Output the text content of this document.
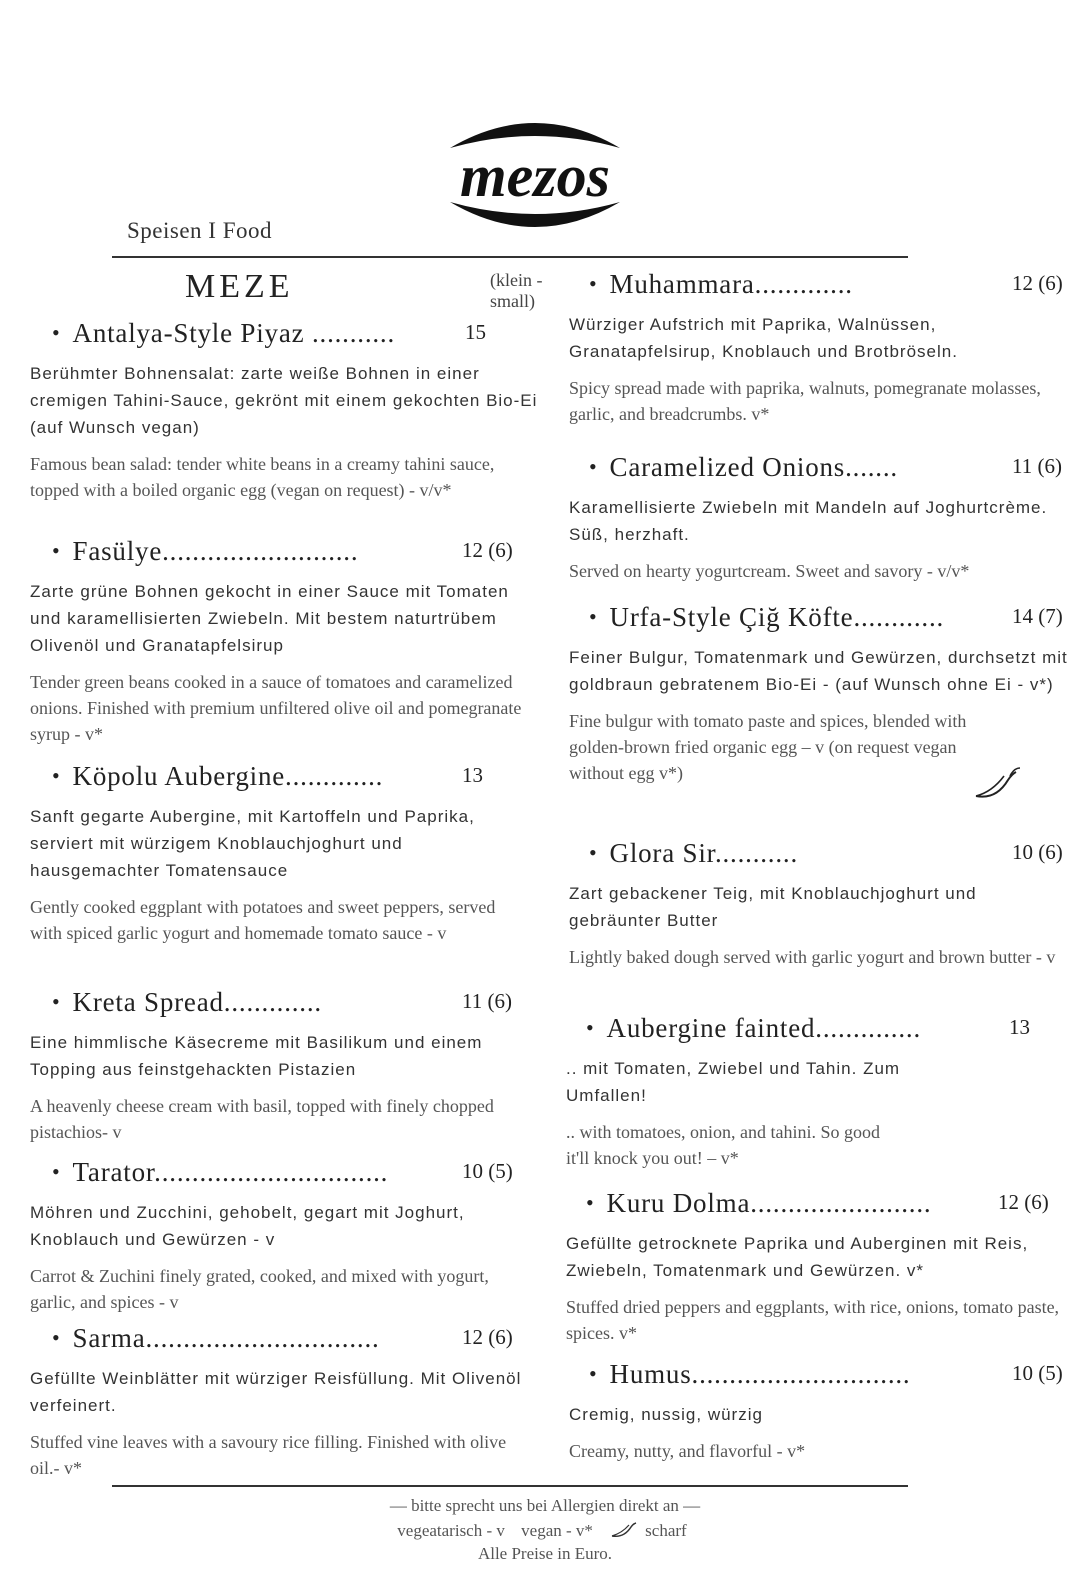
mezos
Speisen I Food
MEZE	(klein -
small)
• Antalya-Style Piyaz ...........	15
Berühmter Bohnensalat: zarte weiße Bohnen in einer cremigen Tahini-Sauce, gekrönt mit einem gekochten Bio-Ei (auf Wunsch vegan)
Famous bean salad: tender white beans in a creamy tahini sauce, topped with a boiled organic egg (vegan on request) - v/v*
• Fasülye..........................	12 (6)
Zarte grüne Bohnen gekocht in einer Sauce mit Tomaten und karamellisierten Zwiebeln. Mit bestem naturtrübem Olivenöl und Granatapfelsirup
Tender green beans cooked in a sauce of tomatoes and caramelized onions. Finished with premium unfiltered olive oil and pomegranate syrup - v*
• Köpolu Aubergine.............	13
Sanft gegarte Aubergine, mit Kartoffeln und Paprika, serviert mit würzigem Knoblauchjoghurt und hausgemachter Tomatensauce
Gently cooked eggplant with potatoes and sweet peppers, served with spiced garlic yogurt and homemade tomato sauce - v
• Kreta Spread.............	11 (6)
Eine himmlische Käsecreme mit Basilikum und einem Topping aus feinstgehackten Pistazien
A heavenly cheese cream with basil, topped with finely chopped pistachios- v
• Tarator...............................	10 (5)
Möhren und Zucchini, gehobelt, gegart mit Joghurt, Knoblauch und Gewürzen - v
Carrot & Zuchini finely grated, cooked, and mixed with yogurt, garlic, and spices - v
• Sarma...............................	12 (6)
Gefüllte Weinblätter mit würziger Reisfüllung. Mit Olivenöl verfeinert.
Stuffed vine leaves with a savoury rice filling. Finished with olive oil.- v*
• Muhammara.............	12 (6)
Würziger Aufstrich mit Paprika, Walnüssen, Granatapfelsirup, Knoblauch und Brotbröseln.
Spicy spread made with paprika, walnuts, pomegranate molasses, garlic, and breadcrumbs. v*
• Caramelized Onions.......	11 (6)
Karamellisierte Zwiebeln mit Mandeln auf Joghurtcrème. Süß, herzhaft.
Served on hearty yogurtcream. Sweet and savory - v/v*
• Urfa-Style Çiğ Köfte............	14 (7)
Feiner Bulgur, Tomatenmark und Gewürzen, durchsetzt mit goldbraun gebratenem Bio-Ei - (auf Wunsch ohne Ei - v*)
Fine bulgur with tomato paste and spices, blended with golden-brown fried organic egg – v (on request vegan without egg v*)
• Glora Sir...........	10 (6)
Zart gebackener Teig, mit Knoblauchjoghurt und gebräunter Butter
Lightly baked dough served with garlic yogurt and brown butter - v
• Aubergine fainted..............	13
.. mit Tomaten, Zwiebel und Tahin. Zum Umfallen!
.. with tomatoes, onion, and tahini. So good it'll knock you out! – v*
• Kuru Dolma........................	12 (6)
Gefüllte getrocknete Paprika und Auberginen mit Reis, Zwiebeln, Tomatenmark und Gewürzen. v*
Stuffed dried peppers and eggplants, with rice, onions, tomato paste, spices. v*
• Humus.............................	10 (5)
Cremig, nussig, würzig
Creamy, nutty, and flavorful - v*
— bitte sprecht uns bei Allergien direkt an —
vegeatarisch - v vegan - v*	scharf
Alle Preise in Euro.
